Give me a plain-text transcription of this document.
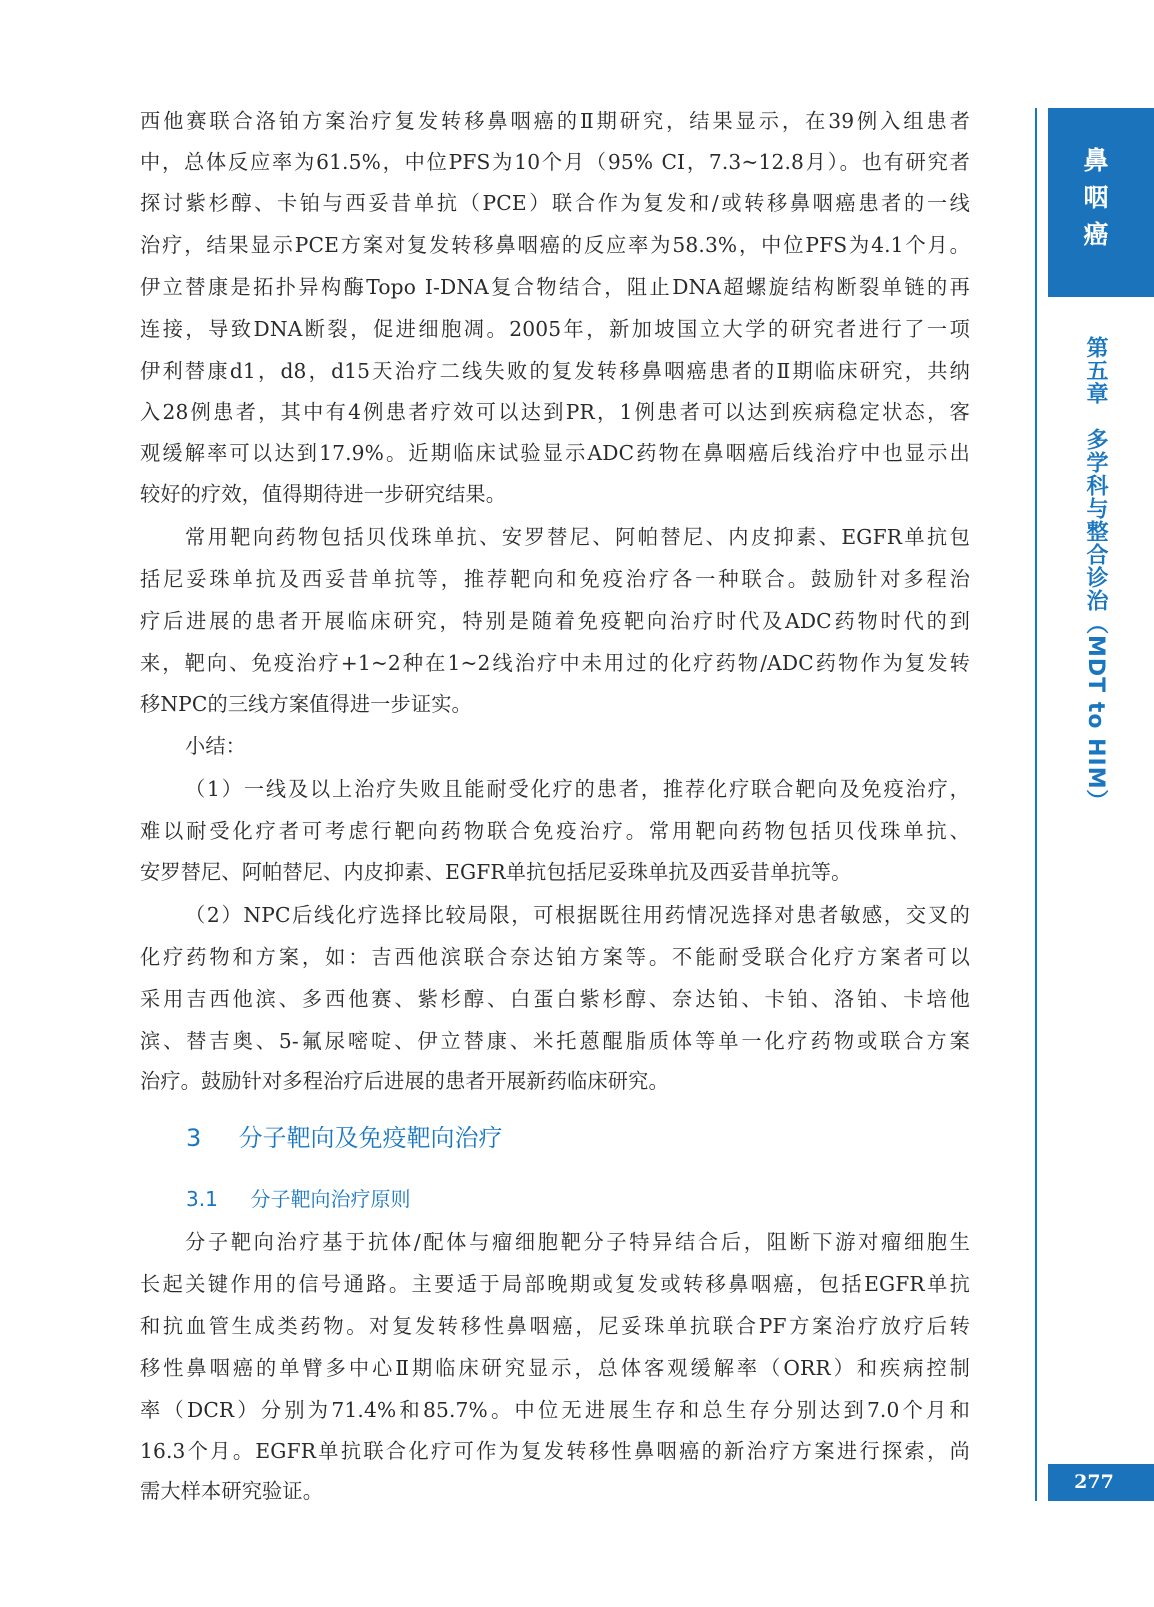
西他赛联合洛铂方案治疗复发转移鼻咽癌的Ⅱ期研究，结果显示，在39例入组患者
中，总体反应率为61.5%，中位PFS为10个月（95% CI，7.3~12.8月）。也有研究者
探讨紫杉醇、卡铂与西妥昔单抗（PCE）联合作为复发和/或转移鼻咽癌患者的一线
治疗，结果显示PCE方案对复发转移鼻咽癌的反应率为58.3%，中位PFS为4.1个月。
伊立替康是拓扑异构酶Topo I-DNA复合物结合，阻止DNA超螺旋结构断裂单链的再
连接，导致DNA断裂，促进细胞凋。2005年，新加坡国立大学的研究者进行了一项
伊利替康d1，d8，d15天治疗二线失败的复发转移鼻咽癌患者的Ⅱ期临床研究，共纳
入28例患者，其中有4例患者疗效可以达到PR，1例患者可以达到疾病稳定状态，客
观缓解率可以达到17.9%。近期临床试验显示ADC药物在鼻咽癌后线治疗中也显示出
较好的疗效，值得期待进一步研究结果。
常用靶向药物包括贝伐珠单抗、安罗替尼、阿帕替尼、内皮抑素、EGFR单抗包
括尼妥珠单抗及西妥昔单抗等，推荐靶向和免疫治疗各一种联合。鼓励针对多程治
疗后进展的患者开展临床研究，特别是随着免疫靶向治疗时代及ADC药物时代的到
来，靶向、免疫治疗+1~2种在1~2线治疗中未用过的化疗药物/ADC药物作为复发转
移NPC的三线方案值得进一步证实。
小结：
（1）一线及以上治疗失败且能耐受化疗的患者，推荐化疗联合靶向及免疫治疗，
难以耐受化疗者可考虑行靶向药物联合免疫治疗。常用靶向药物包括贝伐珠单抗、
安罗替尼、阿帕替尼、内皮抑素、EGFR单抗包括尼妥珠单抗及西妥昔单抗等。
（2）NPC后线化疗选择比较局限，可根据既往用药情况选择对患者敏感，交叉的
化疗药物和方案，如：吉西他滨联合奈达铂方案等。不能耐受联合化疗方案者可以
采用吉西他滨、多西他赛、紫杉醇、白蛋白紫杉醇、奈达铂、卡铂、洛铂、卡培他
滨、替吉奥、5-氟尿嘧啶、伊立替康、米托蒽醌脂质体等单一化疗药物或联合方案
治疗。鼓励针对多程治疗后进展的患者开展新药临床研究。
3 分子靶向及免疫靶向治疗
3.1 分子靶向治疗原则
分子靶向治疗基于抗体/配体与瘤细胞靶分子特异结合后，阻断下游对瘤细胞生
长起关键作用的信号通路。主要适于局部晚期或复发或转移鼻咽癌，包括EGFR单抗
和抗血管生成类药物。对复发转移性鼻咽癌，尼妥珠单抗联合PF方案治疗放疗后转
移性鼻咽癌的单臂多中心Ⅱ期临床研究显示，总体客观缓解率（ORR）和疾病控制
率（DCR）分别为71.4%和85.7%。中位无进展生存和总生存分别达到7.0个月和
16.3个月。EGFR单抗联合化疗可作为复发转移性鼻咽癌的新治疗方案进行探索，尚
需大样本研究验证。
鼻咽癌
第五章　多学科与整合诊治（MDT to HIM）
277
